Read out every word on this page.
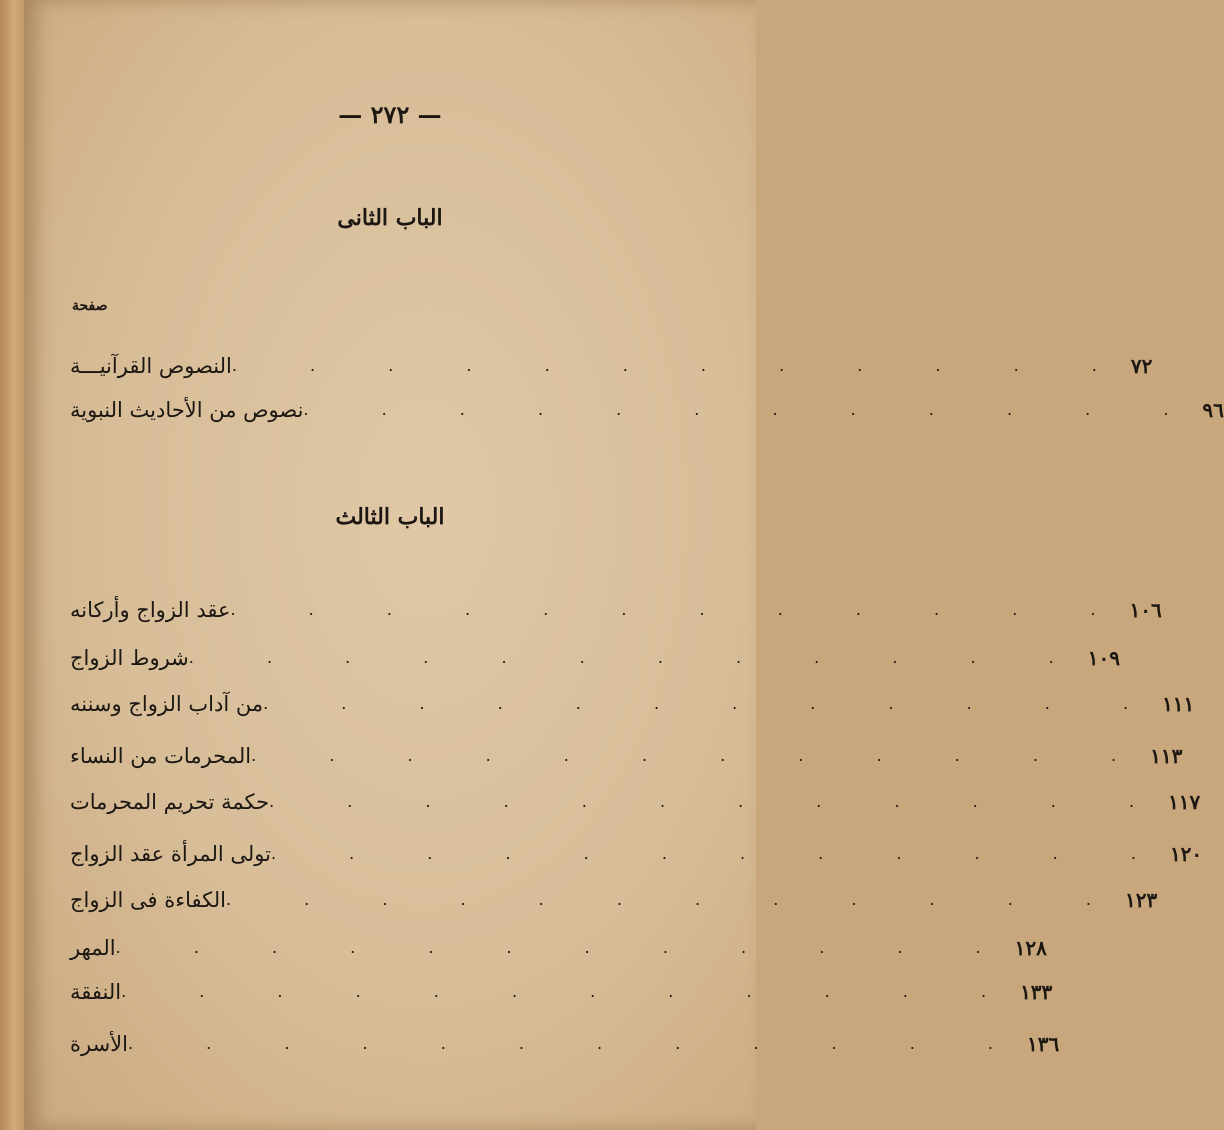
— ٢٧٢ —
الباب الثانى
صفحة
النصوص القرآنيـــة . . . . . . . . . . . . ٧٢
نصوص من الأحاديث النبوية . . . . . . . . . . . . ٩٦
الباب الثالث
عقد الزواج وأركانه . . . . . . . . . . . . ١٠٦
شروط الزواج . . . . . . . . . . . . ١٠٩
من آداب الزواج وسننه . . . . . . . . . . . . ١١١
المحرمات من النساء . . . . . . . . . . . . ١١٣
حكمة تحريم المحرمات . . . . . . . . . . . . ١١٧
تولى المرأة عقد الزواج . . . . . . . . . . . . ١٢٠
الكفاءة فى الزواج . . . . . . . . . . . . ١٢٣
المهر . . . . . . . . . . . . ١٢٨
النفقة . . . . . . . . . . . . ١٣٣
الأسرة . . . . . . . . . . . . ١٣٦
